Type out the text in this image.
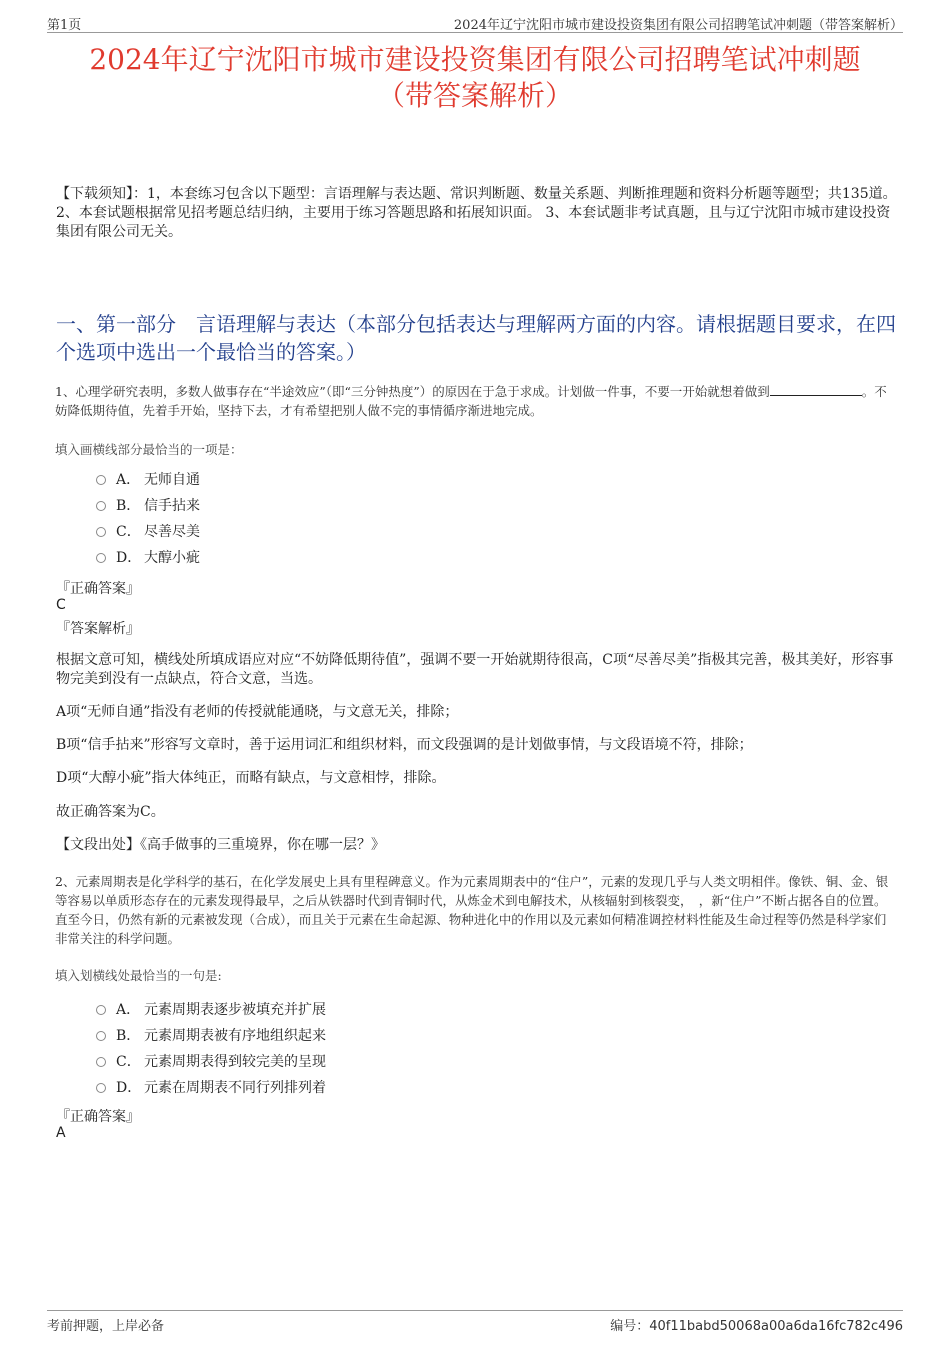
第1页	2024年辽宁沈阳市城市建设投资集团有限公司招聘笔试冲刺题（带答案解析）
2024年辽宁沈阳市城市建设投资集团有限公司招聘笔试冲刺题
（带答案解析）
【下载须知】：1，本套练习包含以下题型：言语理解与表达题、常识判断题、数量关系题、判断推理题和资料分析题等题型；共135道。 2、本套试题根据常见招考题总结归纳，主要用于练习答题思路和拓展知识面。 3、本套试题非考试真题，且与辽宁沈阳市城市建设投资集团有限公司无关。
一、第一部分　言语理解与表达（本部分包括表达与理解两方面的内容。请根据题目要求，在四个选项中选出一个最恰当的答案。）
1、心理学研究表明，多数人做事存在“半途效应”（即“三分钟热度”）的原因在于急于求成。计划做一件事，不要一开始就想着做到	。不妨降低期待值，先着手开始，坚持下去，才有希望把别人做不完的事情循序渐进地完成。
填入画横线部分最恰当的一项是：
A． 无师自通
B． 信手拈来
C． 尽善尽美
D． 大醇小疵
『正确答案』
C
『答案解析』
根据文意可知，横线处所填成语应对应“不妨降低期待值”，强调不要一开始就期待很高，C项“尽善尽美”指极其完善，极其美好，形容事物完美到没有一点缺点，符合文意，当选。
A项“无师自通”指没有老师的传授就能通晓，与文意无关，排除；
B项“信手拈来”形容写文章时，善于运用词汇和组织材料，而文段强调的是计划做事情，与文段语境不符，排除；
D项“大醇小疵”指大体纯正，而略有缺点，与文意相悖，排除。
故正确答案为C。
【文段出处】《高手做事的三重境界，你在哪一层？》
2、元素周期表是化学科学的基石，在化学发展史上具有里程碑意义。作为元素周期表中的“住户”，元素的发现几乎与人类文明相伴。像铁、铜、金、银等容易以单质形态存在的元素发现得最早，之后从铁器时代到青铜时代，从炼金术到电解技术，从核辐射到核裂变，　，新“住户”不断占据各自的位置。直至今日，仍然有新的元素被发现（合成），而且关于元素在生命起源、物种进化中的作用以及元素如何精准调控材料性能及生命过程等仍然是科学家们非常关注的科学问题。
填入划横线处最恰当的一句是:
A． 元素周期表逐步被填充并扩展
B． 元素周期表被有序地组织起来
C． 元素周期表得到较完美的呈现
D． 元素在周期表不同行列排列着
『正确答案』
A
考前押题，上岸必备	编号：40f11babd50068a00a6da16fc782c496
